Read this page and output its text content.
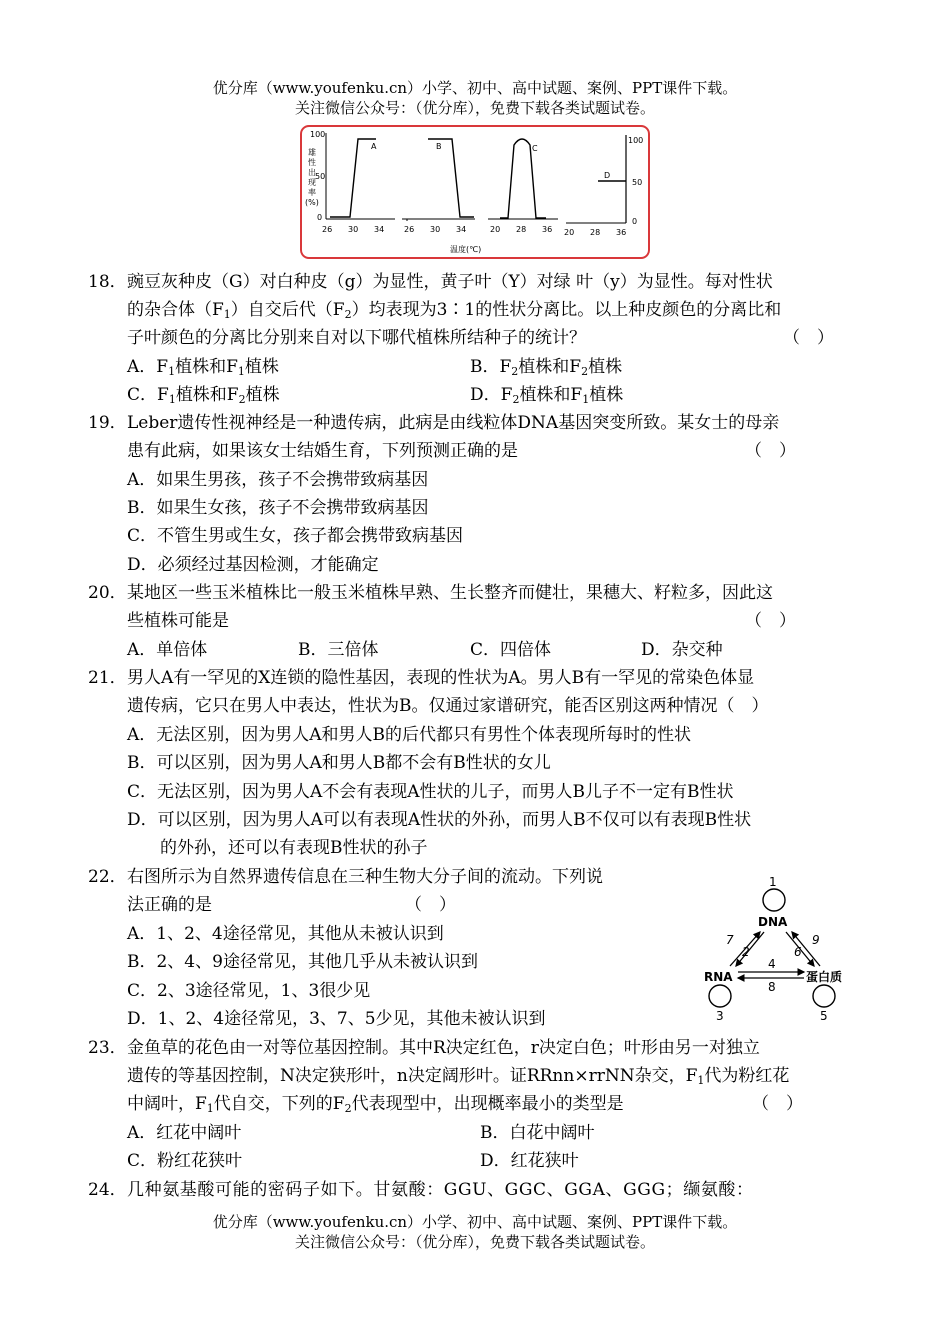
优分库（www.youfenku.cn）小学、初中、高中试题、案例、PPT课件下载。
关注微信公众号：（优分库），免费下载各类试题试卷。
雄
性
出
现
率
(%)
100
50
0
A
26 30 34
B
26 30 34
C
20 28 36
D
100
50
0
20 28 36
温度(℃)
18． 豌豆灰种皮（G）对白种皮（g）为显性，黄子叶（Y）对绿 叶（y）为显性。每对性状
的杂合体$(F_1)$自交后代$(F_2)$均表现为3∶1的性状分离比。以上种皮颜色的分离比和
子叶颜色的分离比分别来自对以下哪代植株所结种子的统计？	（　）
A．$F_1$植株和$F_1$植株	B．$F_2$植株和$F_2$植株
C．$F_1$植株和$F_2$植株	D．$F_2$植株和$F_1$植株
19． Leber遗传性视神经是一种遗传病，此病是由线粒体DNA基因突变所致。某女士的母亲
患有此病，如果该女士结婚生育，下列预测正确的是	（　）
A．如果生男孩，孩子不会携带致病基因
B．如果生女孩，孩子不会携带致病基因
C．不管生男或生女，孩子都会携带致病基因
D．必须经过基因检测，才能确定
20． 某地区一些玉米植株比一般玉米植株早熟、生长整齐而健壮，果穗大、籽粒多，因此这
些植株可能是	（　）
A．单倍体	B．三倍体	C．四倍体	D．杂交种
21． 男人A有一罕见的X连锁的隐性基因，表现的性状为A。男人B有一罕见的常染色体显
遗传病，它只在男人中表达，性状为B。仅通过家谱研究，能否区别这两种情况（　）
A．无法区别，因为男人A和男人B的后代都只有男性个体表现所每时的性状
B．可以区别，因为男人A和男人B都不会有B性状的女儿
C．无法区别，因为男人A不会有表现A性状的儿子，而男人B儿子不一定有B性状
D．可以区别，因为男人A可以有表现A性状的外孙，而男人B不仅可以有表现B性状
的外孙，还可以有表现B性状的孙子
22． 右图所示为自然界遗传信息在三种生物大分子间的流动。下列说
法正确的是	（　）
A．1、2、4途径常见，其他从未被认识到
B．2、4、9途径常见，其他几乎从未被认识到
C．2、3途径常见，1、3很少见
D．1、2、4途径常见，3、7、5少见，其他未被认识到
1
DNA
RNA
3
蛋白质
5
7
2	6
9
4
8
23． 金鱼草的花色由一对等位基因控制。其中R决定红色，r决定白色；叶形由另一对独立
遗传的等基因控制，N决定狭形叶，n决定阔形叶。证RRnn×rrNN杂交，$F_1$代为粉红花
中阔叶，$F_1$代自交，下列的$F_2$代表现型中，出现概率最小的类型是	（　）
A．红花中阔叶	B．白花中阔叶
C．粉红花狭叶	D．红花狭叶
24． 几种氨基酸可能的密码子如下。甘氨酸：GGU、GGC、GGA、GGG；缬氨酸：
优分库（www.youfenku.cn）小学、初中、高中试题、案例、PPT课件下载。
关注微信公众号：（优分库），免费下载各类试题试卷。
